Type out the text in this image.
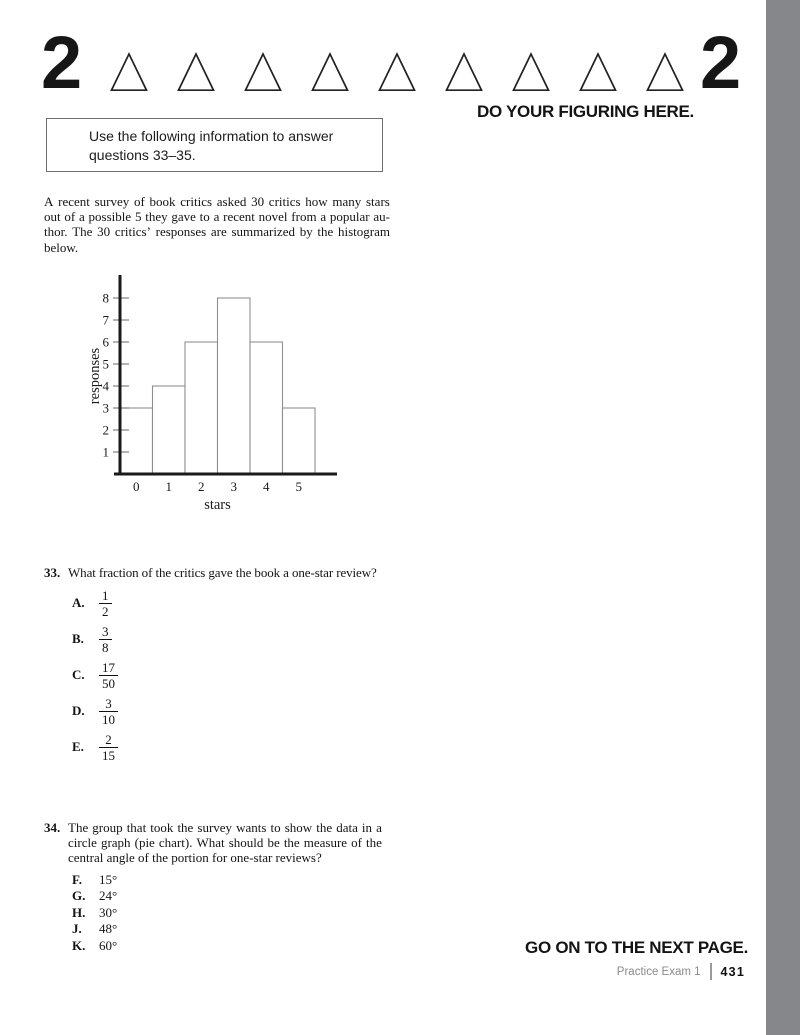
2	2
DO YOUR FIGURING HERE.
Use the following information to answer
questions 33–35.
A recent survey of book critics asked 30 critics how many stars
out of a possible 5 they gave to a recent novel from a popular au-
thor. The 30 critics’ responses are summarized by the histogram
below.
1
2
3
4
5
6
7
8
0 1 2 3 4 5
stars
responses
33. What fraction of the critics gave the book a one-star review?
A.	$\frac{1}{2}$
B.	$\frac{3}{8}$
C.	$\frac{17}{50}$
D.	$\frac{3}{10}$
E.	$\frac{2}{15}$
34. The group that took the survey wants to show the data in a
circle graph (pie chart). What should be the measure of the
central angle of the portion for one-star reviews?
F.	15°
G.	24°
H.	30°
J.	48°
K.	60°	GO ON TO THE NEXT PAGE.
Practice Exam 1 431
